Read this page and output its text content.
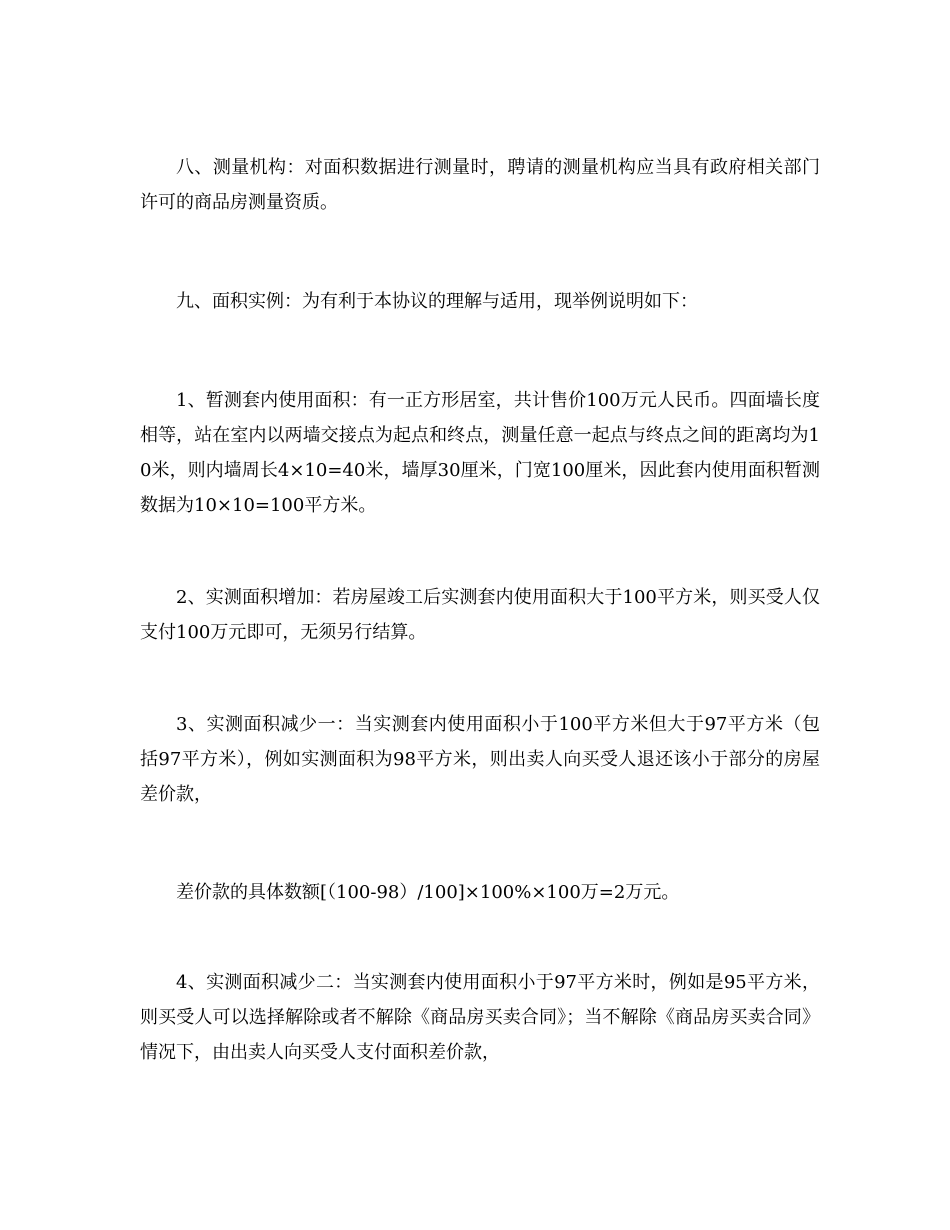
八、测量机构：对面积数据进行测量时，聘请的测量机构应当具有政府相关部门许可的商品房测量资质。

九、面积实例：为有利于本协议的理解与适用，现举例说明如下：

1、暂测套内使用面积：有一正方形居室，共计售价100万元人民币。四面墙长度相等，站在室内以两墙交接点为起点和终点，测量任意一起点与终点之间的距离均为10米，则内墙周长4×10=40米，墙厚30厘米，门宽100厘米，因此套内使用面积暂测数据为10×10=100平方米。

2、实测面积增加：若房屋竣工后实测套内使用面积大于100平方米，则买受人仅支付100万元即可，无须另行结算。

3、实测面积减少一：当实测套内使用面积小于100平方米但大于97平方米（包括97平方米），例如实测面积为98平方米，则出卖人向买受人退还该小于部分的房屋差价款，

差价款的具体数额[（100-98）/100]×100%×100万=2万元。

4、实测面积减少二：当实测套内使用面积小于97平方米时，例如是95平方米，则买受人可以选择解除或者不解除《商品房买卖合同》；当不解除《商品房买卖合同》情况下，由出卖人向买受人支付面积差价款，
